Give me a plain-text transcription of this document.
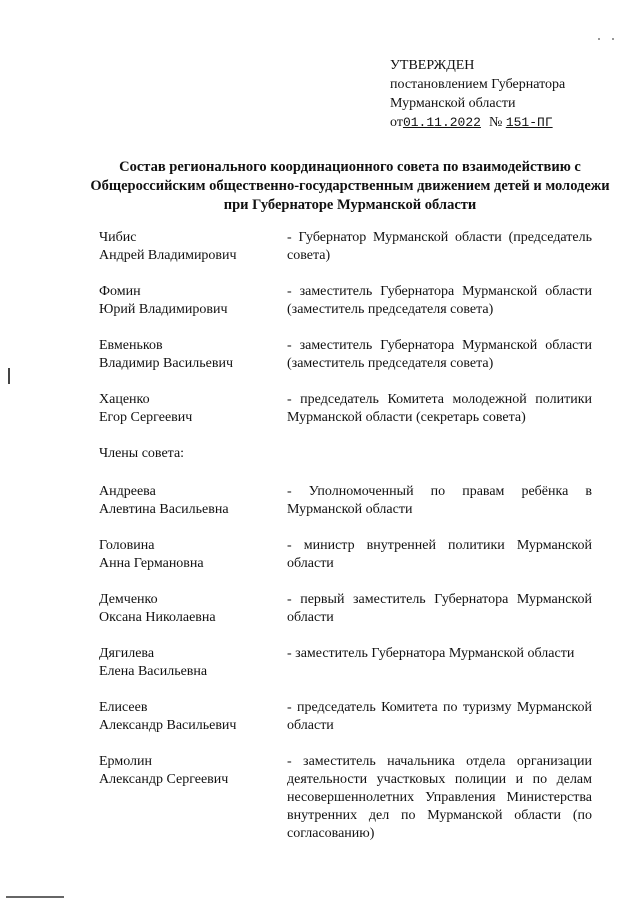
УТВЕРЖДЕН
постановлением Губернатора
Мурманской области
от01.11.2022 № 151-ПГ
Состав регионального координационного совета по взаимодействию с Общероссийским общественно-государственным движением детей и молодежи при Губернаторе Мурманской области
Чибис
Андрей Владимирович
- Губернатор Мурманской области (председатель совета)
Фомин
Юрий Владимирович
- заместитель Губернатора Мурманской области (заместитель председателя совета)
Евменьков
Владимир Васильевич
- заместитель Губернатора Мурманской области (заместитель председателя совета)
Хаценко
Егор Сергеевич
- председатель Комитета молодежной политики Мурманской области (секретарь совета)
Члены совета:
Андреева
Алевтина Васильевна
- Уполномоченный по правам ребёнка в Мурманской области
Головина
Анна Германовна
- министр внутренней политики Мурманской области
Демченко
Оксана Николаевна
- первый заместитель Губернатора Мурманской области
Дягилева
Елена Васильевна
- заместитель Губернатора Мурманской области
Елисеев
Александр Васильевич
- председатель Комитета по туризму Мурманской области
Ермолин
Александр Сергеевич
- заместитель начальника отдела организации деятельности участковых полиции и по делам несовершеннолетних Управления Министерства внутренних дел по Мурманской области (по согласованию)
